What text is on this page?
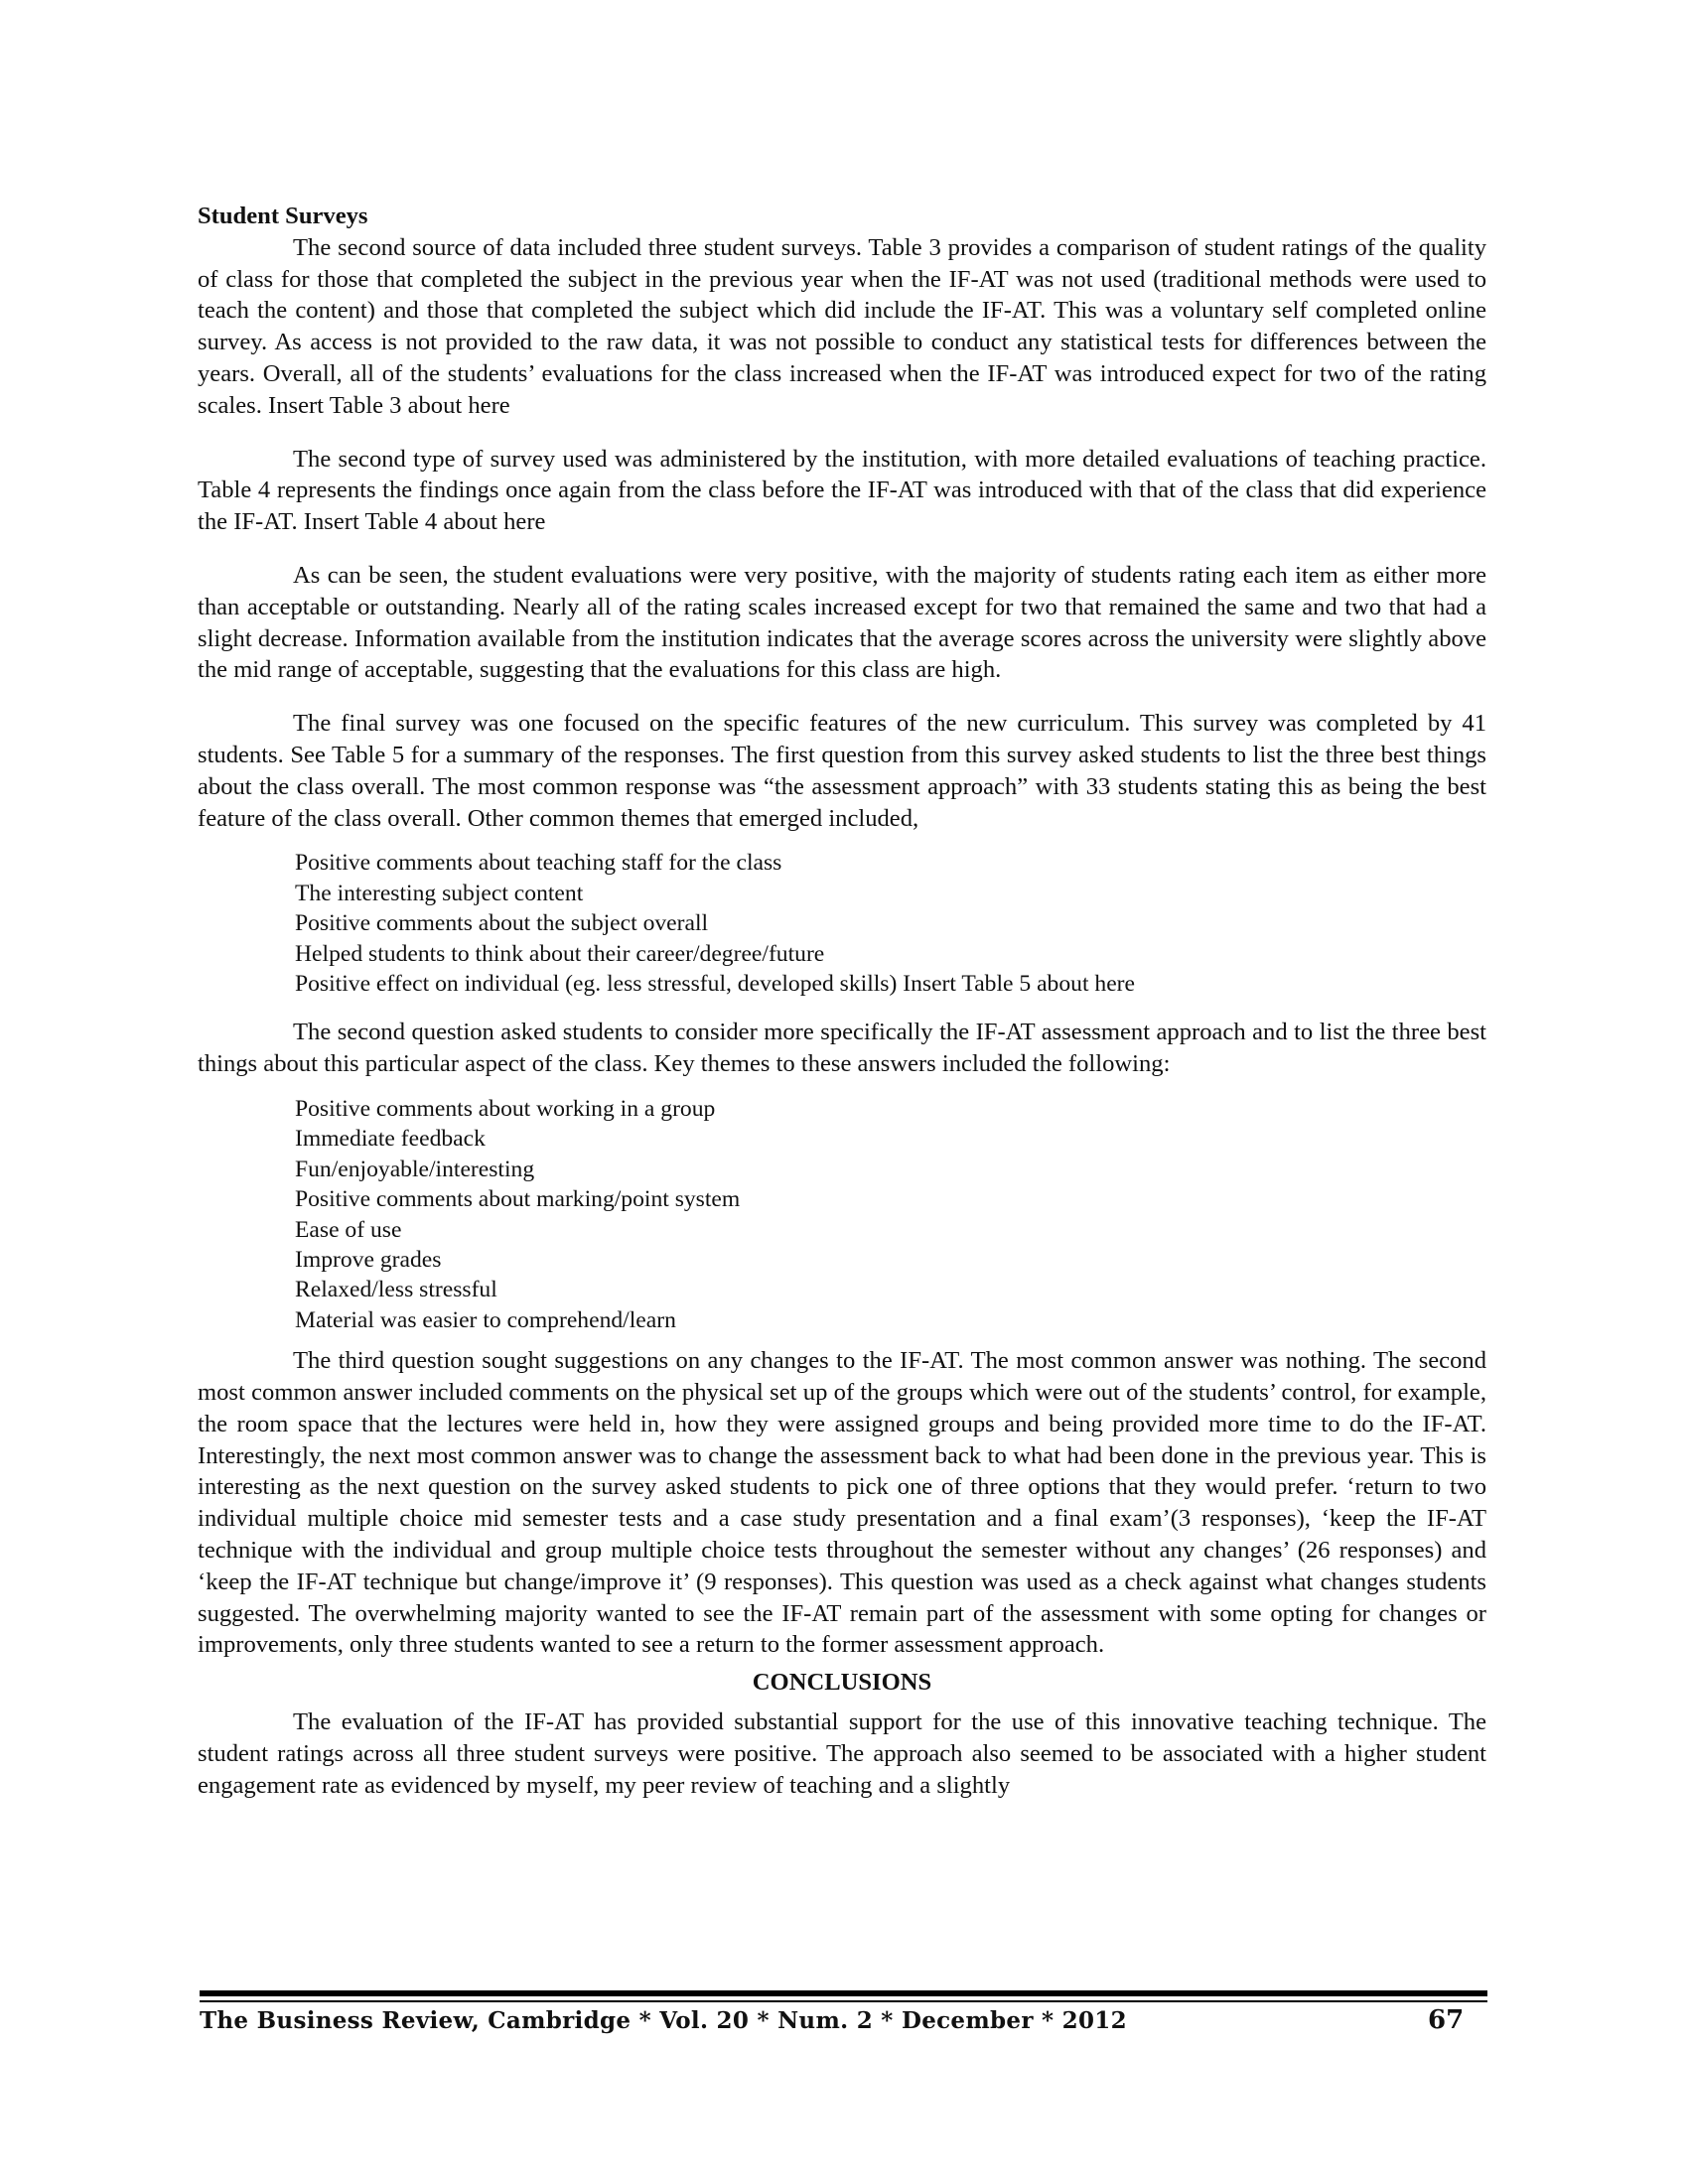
Student Surveys

The second source of data included three student surveys. Table 3 provides a comparison of student ratings of the quality of class for those that completed the subject in the previous year when the IF-AT was not used (traditional methods were used to teach the content) and those that completed the subject which did include the IF-AT. This was a voluntary self completed online survey. As access is not provided to the raw data, it was not possible to conduct any statistical tests for differences between the years. Overall, all of the students’ evaluations for the class increased when the IF-AT was introduced expect for two of the rating scales. Insert Table 3 about here

The second type of survey used was administered by the institution, with more detailed evaluations of teaching practice. Table 4 represents the findings once again from the class before the IF-AT was introduced with that of the class that did experience the IF-AT. Insert Table 4 about here

As can be seen, the student evaluations were very positive, with the majority of students rating each item as either more than acceptable or outstanding. Nearly all of the rating scales increased except for two that remained the same and two that had a slight decrease. Information available from the institution indicates that the average scores across the university were slightly above the mid range of acceptable, suggesting that the evaluations for this class are high.

The final survey was one focused on the specific features of the new curriculum. This survey was completed by 41 students. See Table 5 for a summary of the responses. The first question from this survey asked students to list the three best things about the class overall. The most common response was “the assessment approach” with 33 students stating this as being the best feature of the class overall. Other common themes that emerged included,

Positive comments about teaching staff for the class
The interesting subject content
Positive comments about the subject overall
Helped students to think about their career/degree/future
Positive effect on individual (eg. less stressful, developed skills) Insert Table 5 about here

The second question asked students to consider more specifically the IF-AT assessment approach and to list the three best things about this particular aspect of the class. Key themes to these answers included the following:

Positive comments about working in a group
Immediate feedback
Fun/enjoyable/interesting
Positive comments about marking/point system
Ease of use
Improve grades
Relaxed/less stressful
Material was easier to comprehend/learn

The third question sought suggestions on any changes to the IF-AT. The most common answer was nothing. The second most common answer included comments on the physical set up of the groups which were out of the students’ control, for example, the room space that the lectures were held in, how they were assigned groups and being provided more time to do the IF-AT. Interestingly, the next most common answer was to change the assessment back to what had been done in the previous year. This is interesting as the next question on the survey asked students to pick one of three options that they would prefer. ‘return to two individual multiple choice mid semester tests and a case study presentation and a final exam’(3 responses), ‘keep the IF-AT technique with the individual and group multiple choice tests throughout the semester without any changes’ (26 responses) and ‘keep the IF-AT technique but change/improve it’ (9 responses). This question was used as a check against what changes students suggested. The overwhelming majority wanted to see the IF-AT remain part of the assessment with some opting for changes or improvements, only three students wanted to see a return to the former assessment approach.

CONCLUSIONS

The evaluation of the IF-AT has provided substantial support for the use of this innovative teaching technique. The student ratings across all three student surveys were positive. The approach also seemed to be associated with a higher student engagement rate as evidenced by myself, my peer review of teaching and a slightly

The Business Review, Cambridge * Vol. 20 * Num. 2 * December * 2012	67
